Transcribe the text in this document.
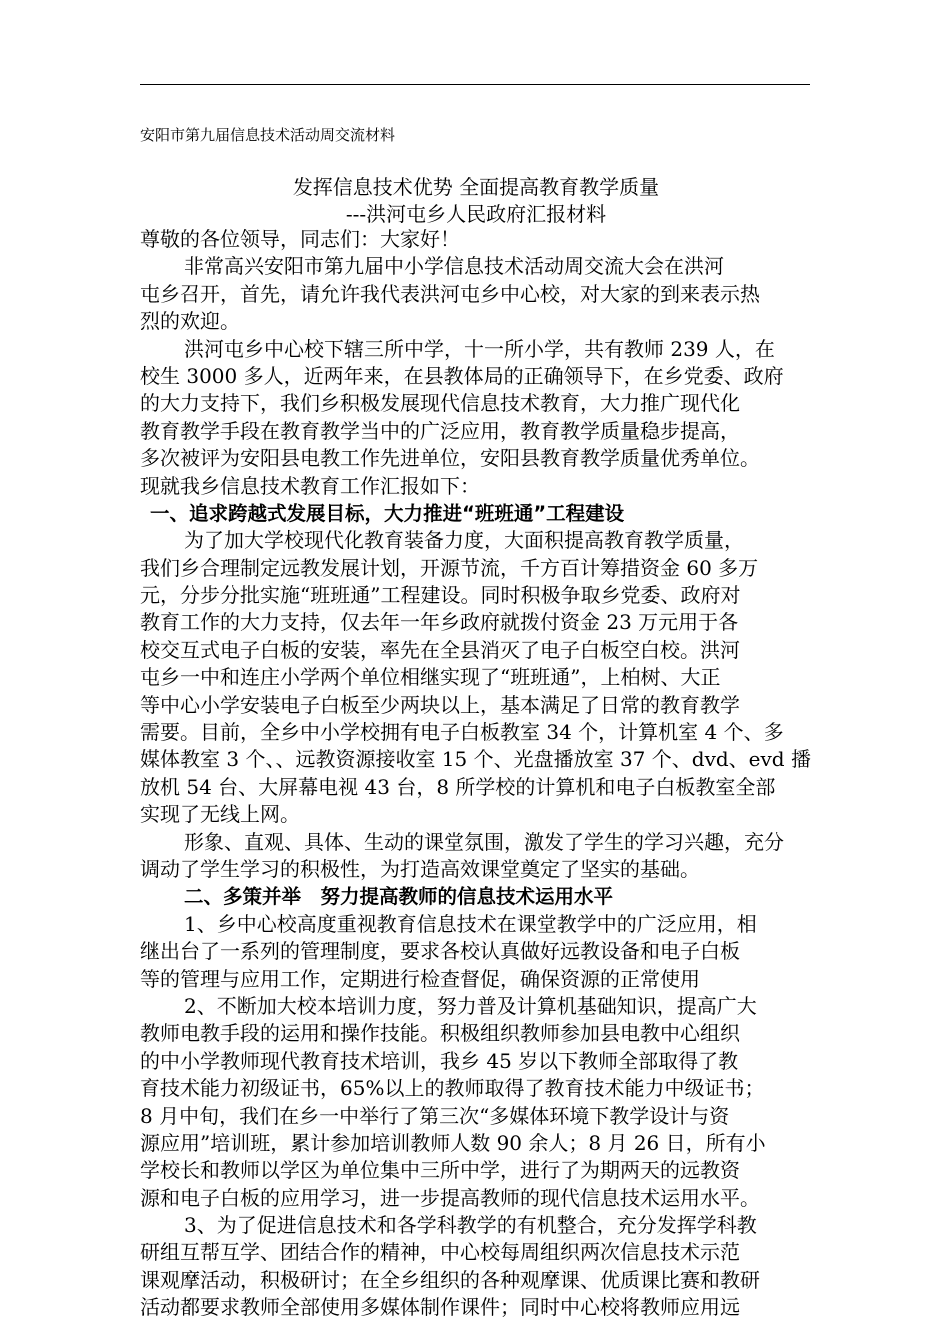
安阳市第九届信息技术活动周交流材料
发挥信息技术优势 全面提高教育教学质量
---洪河屯乡人民政府汇报材料
尊敬的各位领导，同志们：大家好！
非常高兴安阳市第九届中小学信息技术活动周交流大会在洪河
屯乡召开，首先，请允许我代表洪河屯乡中心校，对大家的到来表示热
烈的欢迎。
洪河屯乡中心校下辖三所中学，十一所小学，共有教师 239 人，在
校生 3000 多人，近两年来，在县教体局的正确领导下，在乡党委、政府
的大力支持下，我们乡积极发展现代信息技术教育，大力推广现代化
教育教学手段在教育教学当中的广泛应用，教育教学质量稳步提高，
多次被评为安阳县电教工作先进单位，安阳县教育教学质量优秀单位。
现就我乡信息技术教育工作汇报如下：
一、追求跨越式发展目标，大力推进“班班通”工程建设
为了加大学校现代化教育装备力度，大面积提高教育教学质量，
我们乡合理制定远教发展计划，开源节流，千方百计筹措资金 60 多万
元，分步分批实施“班班通”工程建设。同时积极争取乡党委、政府对
教育工作的大力支持，仅去年一年乡政府就拨付资金 23 万元用于各
校交互式电子白板的安装，率先在全县消灭了电子白板空白校。洪河
屯乡一中和连庄小学两个单位相继实现了“班班通”，上柏树、大正
等中心小学安装电子白板至少两块以上，基本满足了日常的教育教学
需要。目前，全乡中小学校拥有电子白板教室 34 个，计算机室 4 个、多
媒体教室 3 个、、远教资源接收室 15 个、光盘播放室 37 个、dvd、evd 播
放机 54 台、大屏幕电视 43 台，8 所学校的计算机和电子白板教室全部
实现了无线上网。
形象、直观、具体、生动的课堂氛围，激发了学生的学习兴趣，充分
调动了学生学习的积极性，为打造高效课堂奠定了坚实的基础。
二、多策并举　努力提高教师的信息技术运用水平
1、乡中心校高度重视教育信息技术在课堂教学中的广泛应用，相
继出台了一系列的管理制度，要求各校认真做好远教设备和电子白板
等的管理与应用工作，定期进行检查督促，确保资源的正常使用
2、不断加大校本培训力度，努力普及计算机基础知识，提高广大
教师电教手段的运用和操作技能。积极组织教师参加县电教中心组织
的中小学教师现代教育技术培训，我乡 45 岁以下教师全部取得了教
育技术能力初级证书，65%以上的教师取得了教育技术能力中级证书；
8 月中旬，我们在乡一中举行了第三次“多媒体环境下教学设计与资
源应用”培训班，累计参加培训教师人数 90 余人；8 月 26 日，所有小
学校长和教师以学区为单位集中三所中学，进行了为期两天的远教资
源和电子白板的应用学习，进一步提高教师的现代信息技术运用水平。
3、为了促进信息技术和各学科教学的有机整合，充分发挥学科教
研组互帮互学、团结合作的精神，中心校每周组织两次信息技术示范
课观摩活动，积极研讨；在全乡组织的各种观摩课、优质课比赛和教研
活动都要求教师全部使用多媒体制作课件；同时中心校将教师应用远
